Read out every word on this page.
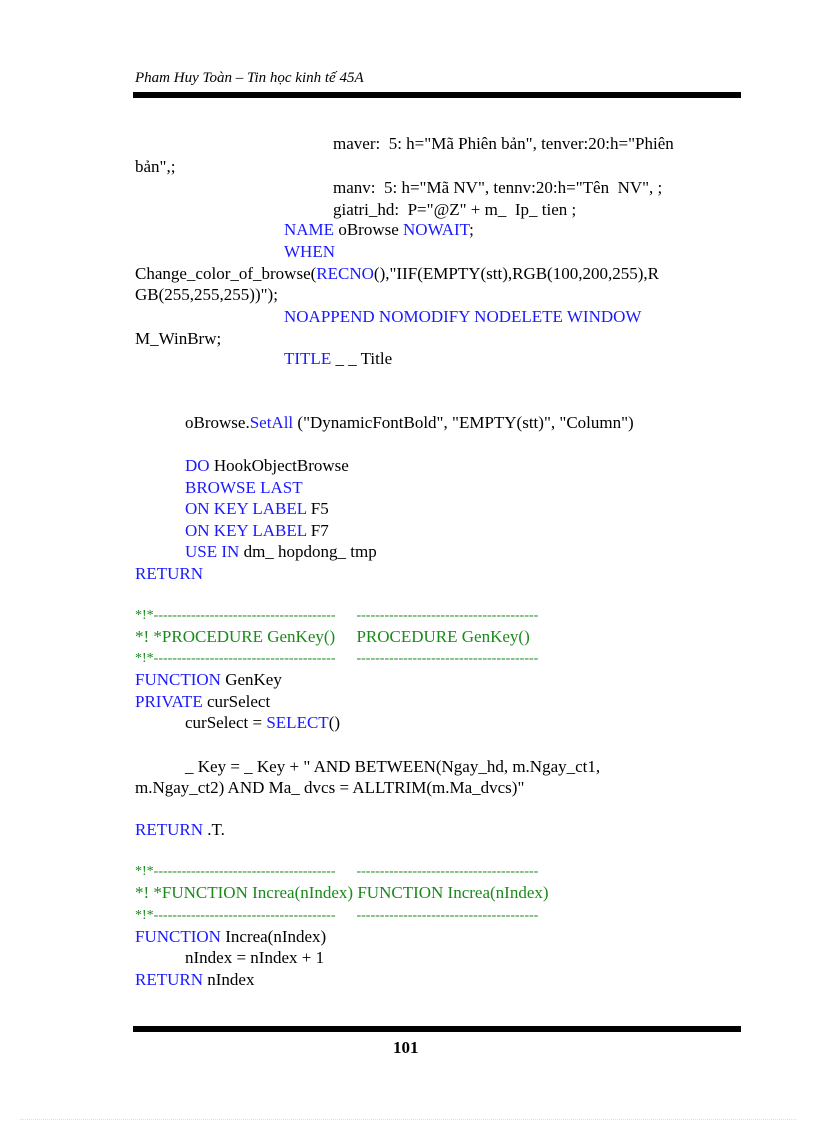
Pham Huy Toàn – Tin học kinh tế 45A
maver:  5: h="Mã Phiên bản", tenver:20:h="Phiên
bản",;
manv:  5: h="Mã NV", tennv:20:h="Tên  NV", ;
giatri_hd:  P="@Z" + m_  Ip_ tien ;
NAME oBrowse NOWAIT;
WHEN
Change_color_of_browse(RECNO(),"IIF(EMPTY(stt),RGB(100,200,255),R
GB(255,255,255))");
NOAPPEND NOMODIFY NODELETE WINDOW
M_WinBrw;
TITLE _ _ Title
oBrowse.SetAll ("DynamicFontBold", "EMPTY(stt)", "Column")
DO HookObjectBrowse
BROWSE LAST
ON KEY LABEL F5
ON KEY LABEL F7
USE IN dm_ hopdong_ tmp
RETURN
*!*---------------------------------------      ---------------------------------------
*! *PROCEDURE GenKey()     PROCEDURE GenKey()
*!*---------------------------------------      ---------------------------------------
FUNCTION GenKey
PRIVATE curSelect
curSelect = SELECT()
_ Key = _ Key + " AND BETWEEN(Ngay_hd, m.Ngay_ct1,
m.Ngay_ct2) AND Ma_ dvcs = ALLTRIM(m.Ma_dvcs)"
RETURN .T.
*!*---------------------------------------      ---------------------------------------
*! *FUNCTION Increa(nIndex) FUNCTION Increa(nIndex)
*!*---------------------------------------      ---------------------------------------
FUNCTION Increa(nIndex)
nIndex = nIndex + 1
RETURN nIndex
101
